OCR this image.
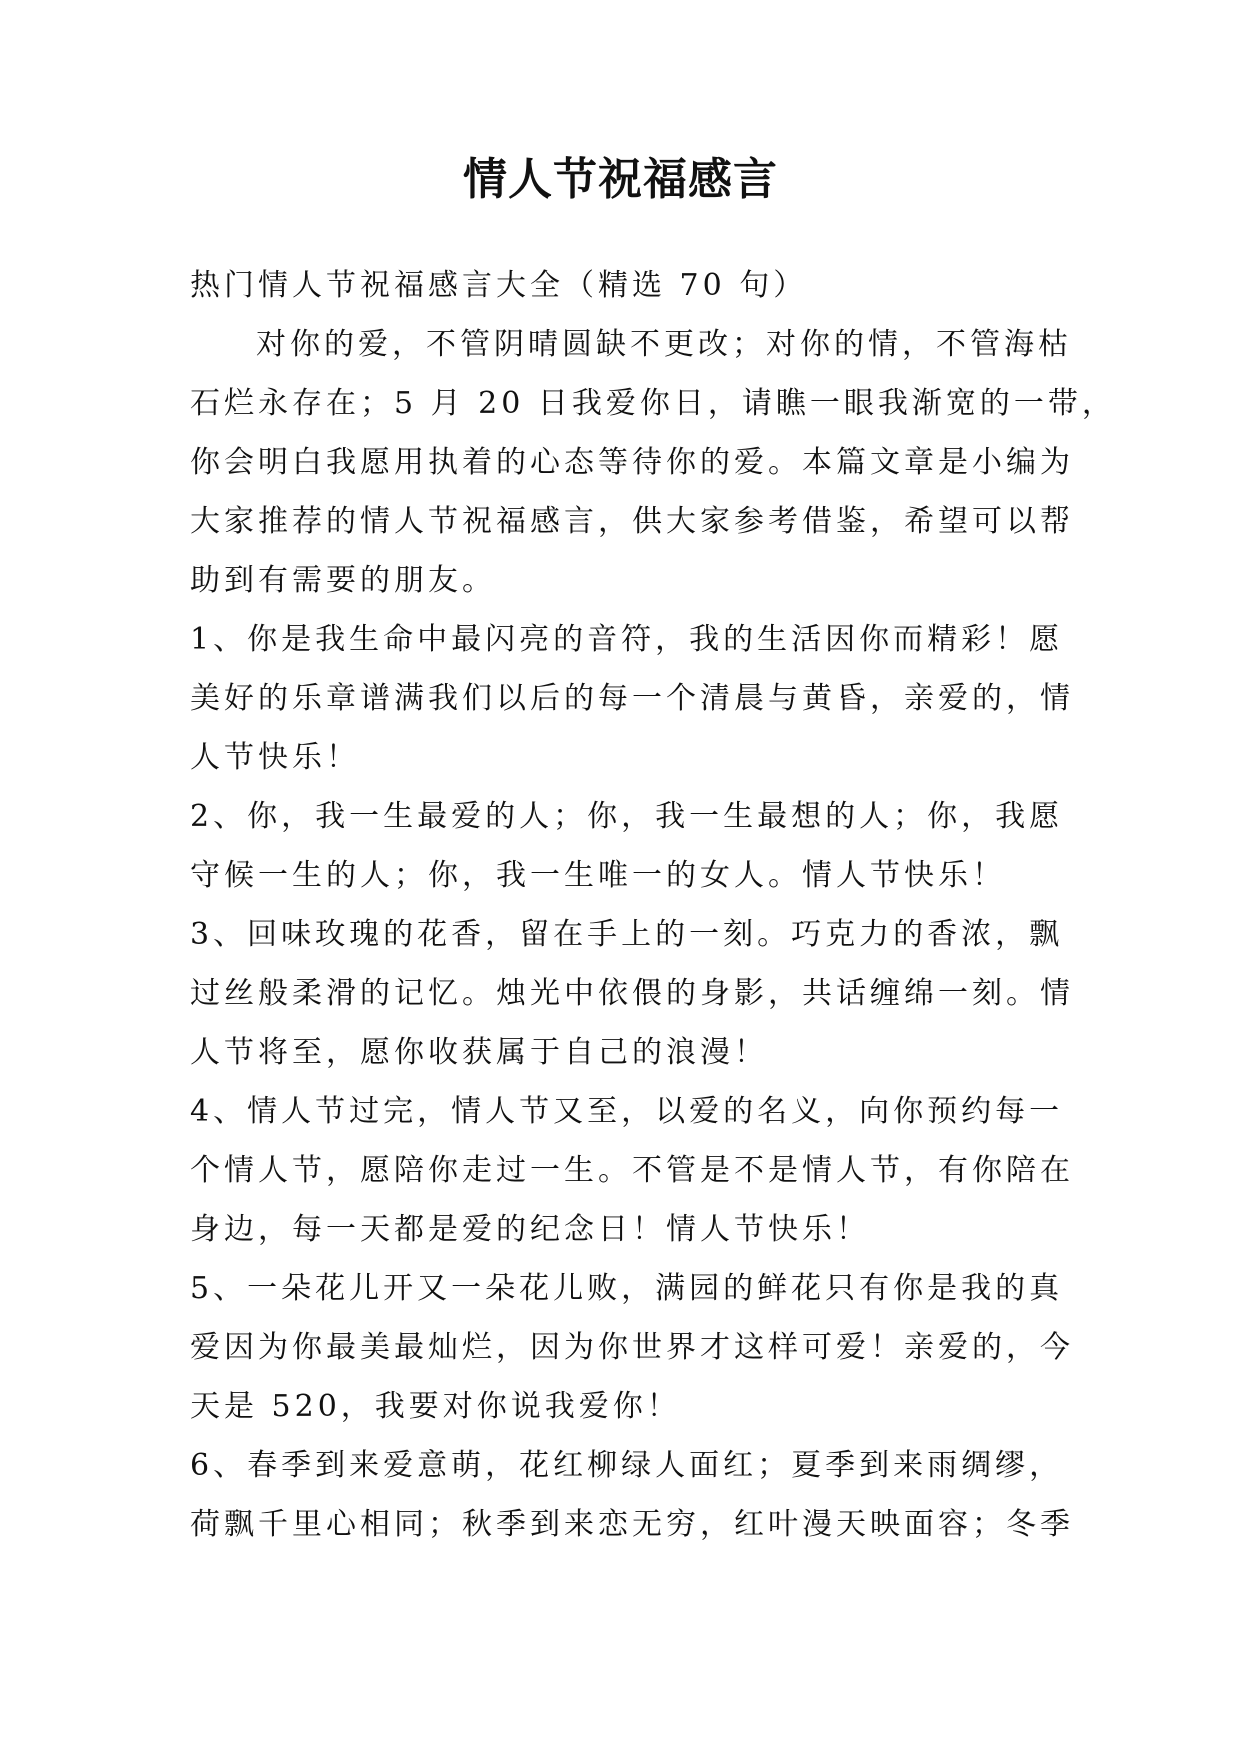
情人节祝福感言
热门情人节祝福感言大全（精选 70 句）
对你的爱，不管阴晴圆缺不更改；对你的情，不管海枯
石烂永存在；5 月 20 日我爱你日，请瞧一眼我渐宽的一带，
你会明白我愿用执着的心态等待你的爱。本篇文章是小编为
大家推荐的情人节祝福感言，供大家参考借鉴，希望可以帮
助到有需要的朋友。
1、你是我生命中最闪亮的音符，我的生活因你而精彩！愿
美好的乐章谱满我们以后的每一个清晨与黄昏，亲爱的，情
人节快乐！
2、你，我一生最爱的人；你，我一生最想的人；你，我愿
守候一生的人；你，我一生唯一的女人。情人节快乐！
3、回味玫瑰的花香，留在手上的一刻。巧克力的香浓，飘
过丝般柔滑的记忆。烛光中依偎的身影，共话缠绵一刻。情
人节将至，愿你收获属于自己的浪漫！
4、情人节过完，情人节又至，以爱的名义，向你预约每一
个情人节，愿陪你走过一生。不管是不是情人节，有你陪在
身边，每一天都是爱的纪念日！情人节快乐！
5、一朵花儿开又一朵花儿败，满园的鲜花只有你是我的真
爱因为你最美最灿烂，因为你世界才这样可爱！亲爱的，今
天是 520，我要对你说我爱你！
6、春季到来爱意萌，花红柳绿人面红；夏季到来雨绸缪，
荷飘千里心相同；秋季到来恋无穷，红叶漫天映面容；冬季
